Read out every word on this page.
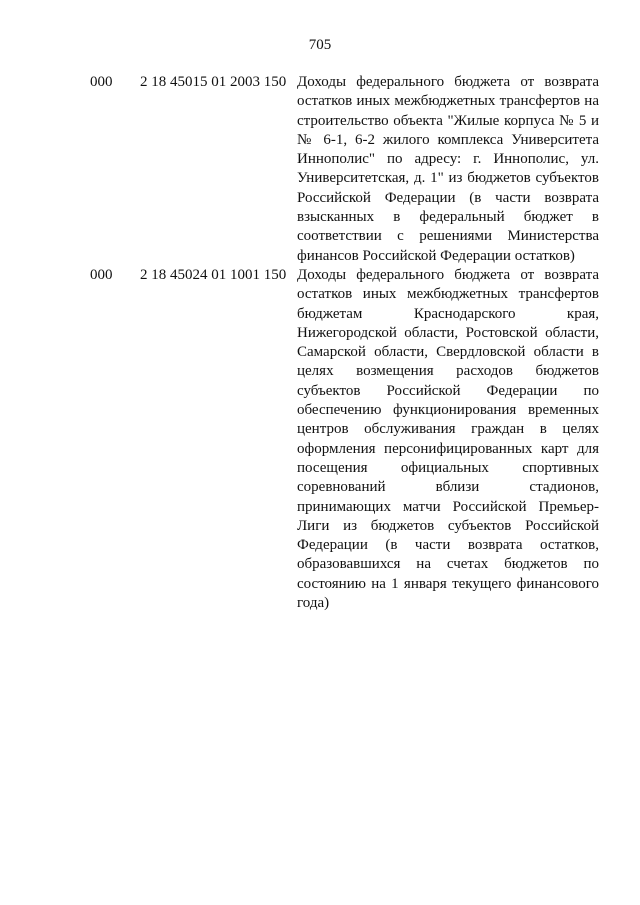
705
000 2 18 45015 01 2003 150 Доходы федерального бюджета от возврата остатков иных межбюджетных трансфертов на строительство объекта "Жилые корпуса № 5 и № 6-1, 6-2 жилого комплекса Университета Иннополис" по адресу: г. Иннополис, ул. Университетская, д. 1" из бюджетов субъектов Российской Федерации (в части возврата взысканных в федеральный бюджет в соответствии с решениями Министерства финансов Российской Федерации остатков)
000 2 18 45024 01 1001 150 Доходы федерального бюджета от возврата остатков иных межбюджетных трансфертов бюджетам Краснодарского края, Нижегородской области, Ростовской области, Самарской области, Свердловской области в целях возмещения расходов бюджетов субъектов Российской Федерации по обеспечению функционирования временных центров обслуживания граждан в целях оформления персонифицированных карт для посещения официальных спортивных соревнований вблизи стадионов, принимающих матчи Российской Премьер-Лиги из бюджетов субъектов Российской Федерации (в части возврата остатков, образовавшихся на счетах бюджетов по состоянию на 1 января текущего финансового года)
